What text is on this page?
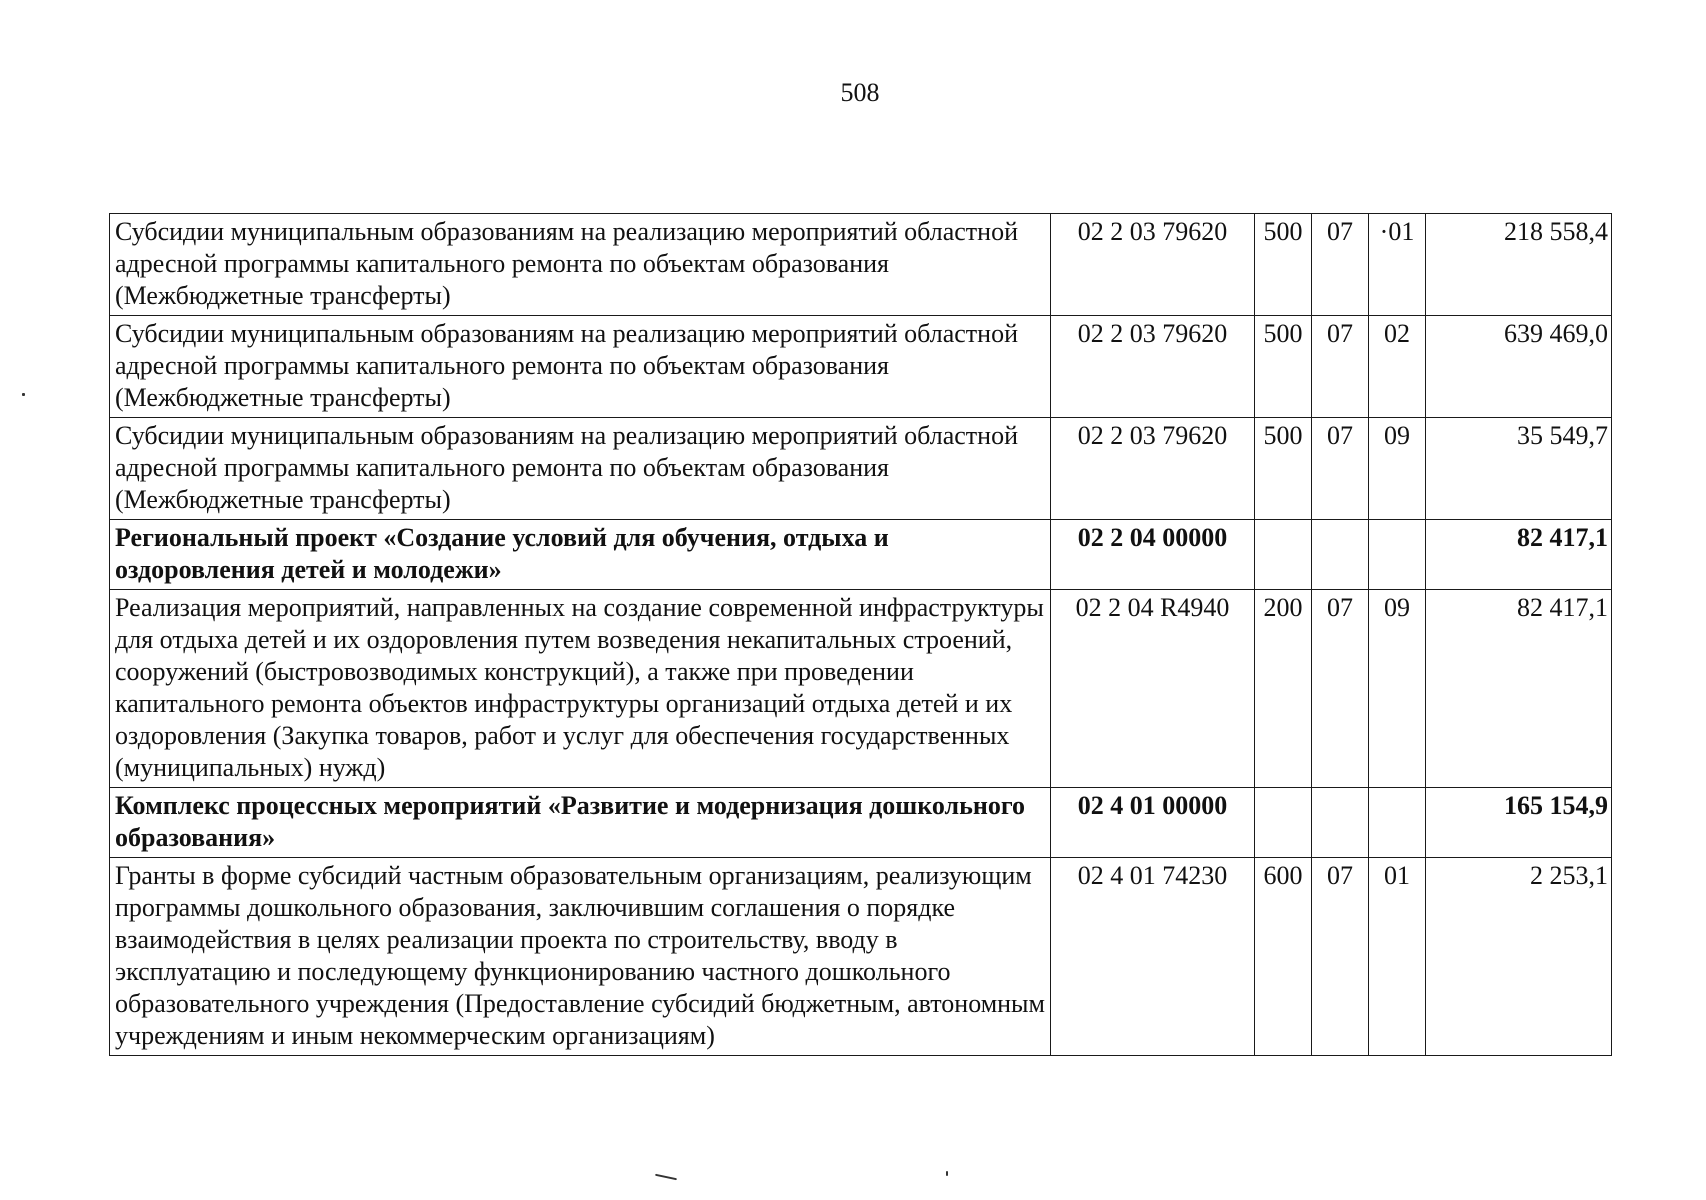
508
Субсидии муниципальным образованиям на реализацию мероприятий областной адресной программы капитального ремонта по объектам образования (Межбюджетные трансферты)	02 2 03 79620	500	07	·01	218 558,4
Субсидии муниципальным образованиям на реализацию мероприятий областной адресной программы капитального ремонта по объектам образования (Межбюджетные трансферты)	02 2 03 79620	500	07	02	639 469,0
Субсидии муниципальным образованиям на реализацию мероприятий областной адресной программы капитального ремонта по объектам образования (Межбюджетные трансферты)	02 2 03 79620	500	07	09	35 549,7
Региональный проект «Создание условий для обучения, отдыха и оздоровления детей и молодежи»	02 2 04 00000				82 417,1
Реализация мероприятий, направленных на создание современной инфраструктуры для отдыха детей и их оздоровления путем возведения некапитальных строений, сооружений (быстровозводимых конструкций), а также при проведении капитального ремонта объектов инфраструктуры организаций отдыха детей и их оздоровления (Закупка товаров, работ и услуг для обеспечения государственных (муниципальных) нужд)	02 2 04 R4940	200	07	09	82 417,1
Комплекс процессных мероприятий «Развитие и модернизация дошкольного образования»	02 4 01 00000				165 154,9
Гранты в форме субсидий частным образовательным организациям, реализующим программы дошкольного образования, заключившим соглашения о порядке взаимодействия в целях реализации проекта по строительству, вводу в эксплуатацию и последующему функционированию частного дошкольного образовательного учреждения (Предоставление субсидий бюджетным, автономным учреждениям и иным некоммерческим организациям)	02 4 01 74230	600	07	01	2 253,1
